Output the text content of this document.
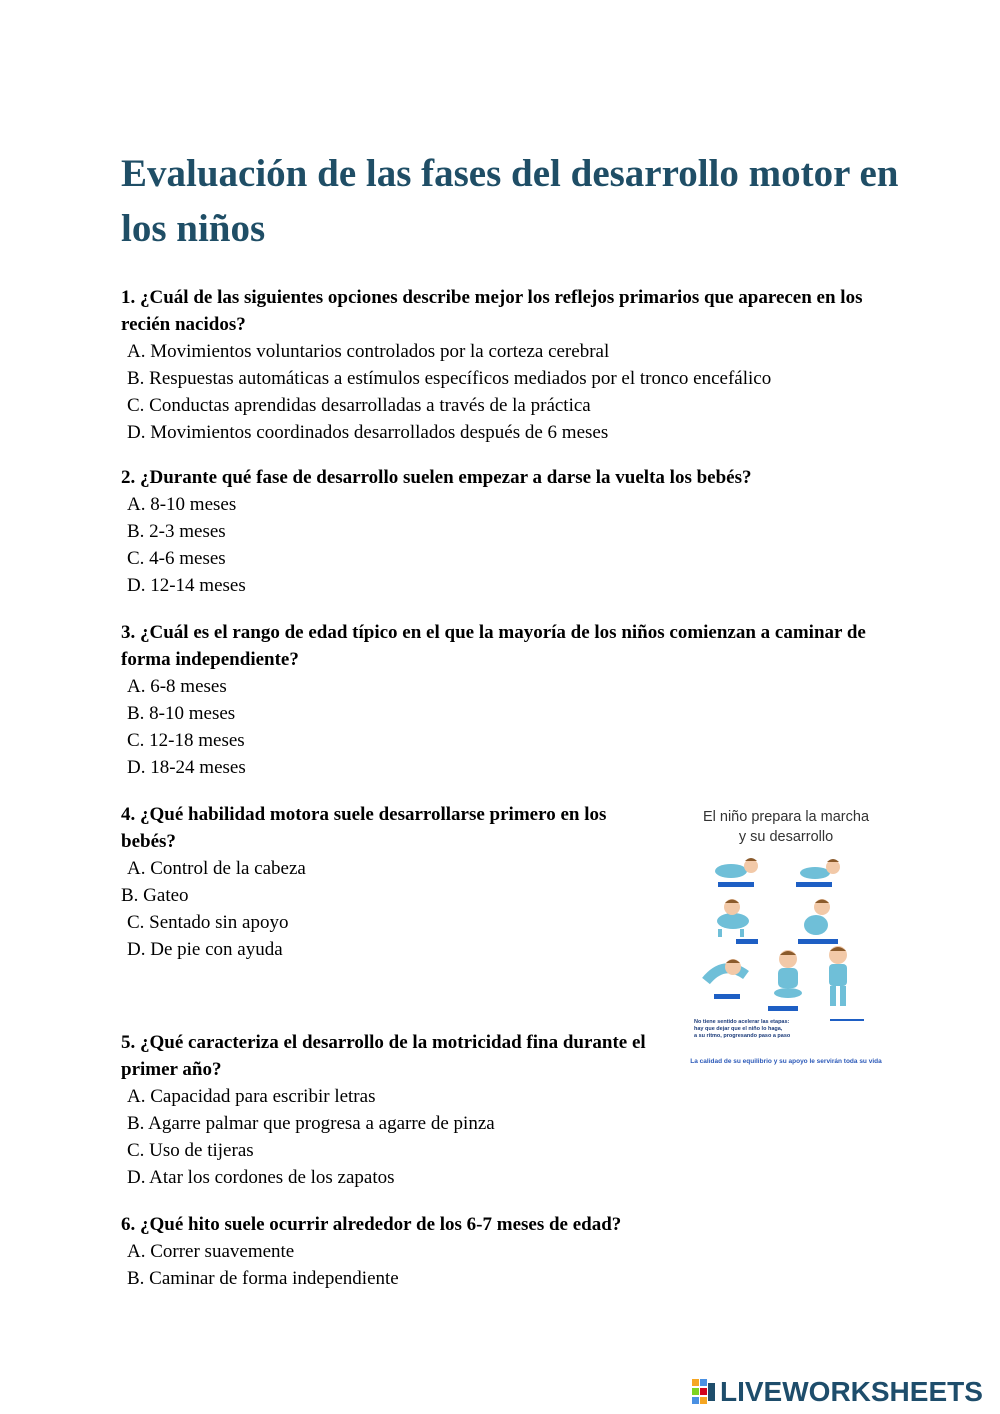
Evaluación de las fases del desarrollo motor en los niños

1. ¿Cuál de las siguientes opciones describe mejor los reflejos primarios que aparecen en los recién nacidos?

A. Movimientos voluntarios controlados por la corteza cerebral

B. Respuestas automáticas a estímulos específicos mediados por el tronco encefálico

C. Conductas aprendidas desarrolladas a través de la práctica

D. Movimientos coordinados desarrollados después de 6 meses

2. ¿Durante qué fase de desarrollo suelen empezar a darse la vuelta los bebés?

A. 8-10 meses

B. 2-3 meses

C. 4-6 meses

D. 12-14 meses

3. ¿Cuál es el rango de edad típico en el que la mayoría de los niños comienzan a caminar de forma independiente?

A. 6-8 meses

B. 8-10 meses

C. 12-18 meses

D. 18-24 meses

4. ¿Qué habilidad motora suele desarrollarse primero en los bebés?

A. Control de la cabeza

B. Gateo

C. Sentado sin apoyo

D. De pie con ayuda

El niño prepara la marcha
y su desarrollo

No tiene sentido acelerar las etapas:
hay que dejar que el niño lo haga,
a su ritmo, progresando paso a paso
La calidad de su equilibrio y su apoyo le servirán toda su vida

5. ¿Qué caracteriza el desarrollo de la motricidad fina durante el primer año?

A. Capacidad para escribir letras

B. Agarre palmar que progresa a agarre de pinza

C. Uso de tijeras

D. Atar los cordones de los zapatos

6. ¿Qué hito suele ocurrir alrededor de los 6-7 meses de edad?

A. Correr suavemente

B. Caminar de forma independiente

LIVEWORKSHEETS
